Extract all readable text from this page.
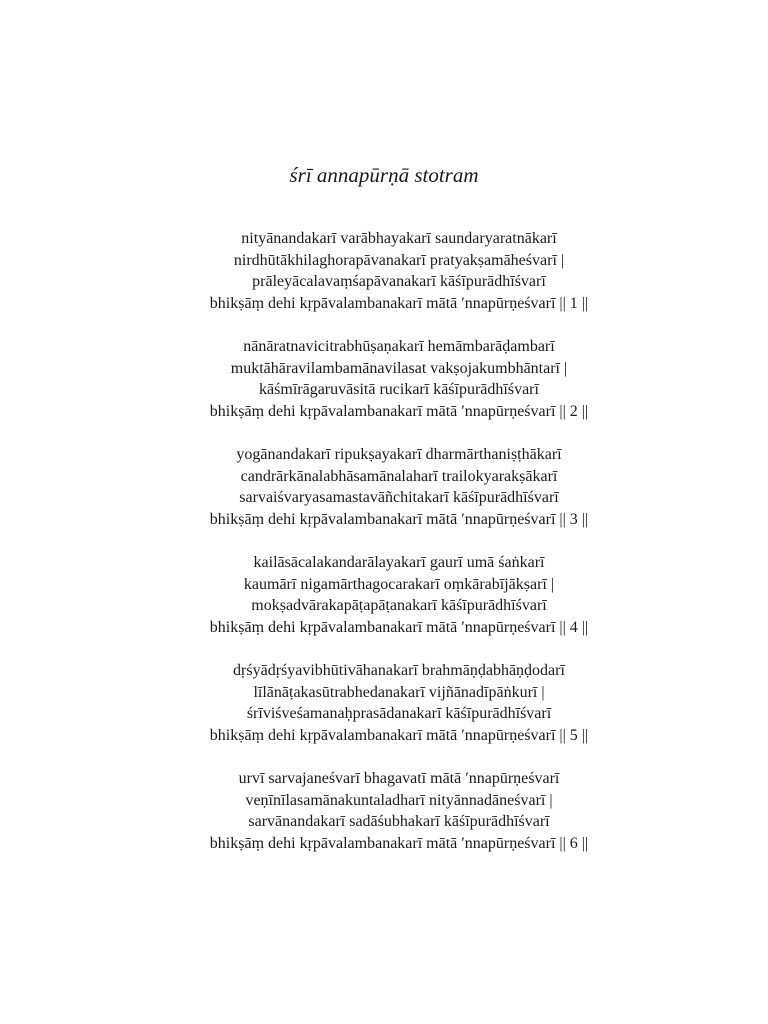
śrī annapūrṇā stotram
nityānandakarī varābhayakarī saundaryaratnākarī
nirdhūtākhilaghorapāvanakarī pratyakṣamāheśvarī |
prāleyācalavaṃśapāvanakarī kāśīpurādhīśvarī
bhikṣāṃ dehi kṛpāvalambanakarī mātā ′nnapūrṇeśvarī || 1 ||
nānāratnavicitrabhūṣaṇakarī hemāmbarāḍambarī
muktāhāravilambamānavilasat vakṣojakumbhāntarī |
kāśmīrāgaruvāsitā rucikarī kāśīpurādhīśvarī
bhikṣāṃ dehi kṛpāvalambanakarī mātā ′nnapūrṇeśvarī || 2 ||
yogānandakarī ripukṣayakarī dharmārthaniṣṭhākarī
candrārkānalabhāsamānalaharī trailokyarakṣākarī
sarvaiśvaryasamastavāñchitakarī kāśīpurādhīśvarī
bhikṣāṃ dehi kṛpāvalambanakarī mātā ′nnapūrṇeśvarī || 3 ||
kailāsācalakandarālayakarī gaurī umā śaṅkarī
kaumārī nigamārthagocarakarī oṃkārabījākṣarī |
mokṣadvārakapāṭapāṭanakarī kāśīpurādhīśvarī
bhikṣāṃ dehi kṛpāvalambanakarī mātā ′nnapūrṇeśvarī || 4 ||
dṛśyādṛśyavibhūtivāhanakarī brahmāṇḍabhāṇḍodarī
līlānāṭakasūtrabhedanakarī vijñānadīpāṅkurī |
śrīviśveśamanaḥprasādanakarī kāśīpurādhīśvarī
bhikṣāṃ dehi kṛpāvalambanakarī mātā ′nnapūrṇeśvarī || 5 ||
urvī sarvajaneśvarī bhagavatī mātā ′nnapūrṇeśvarī
veṇīnīlasamānakuntaladharī nityānnadāneśvarī |
sarvānandakarī sadāśubhakarī kāśīpurādhīśvarī
bhikṣāṃ dehi kṛpāvalambanakarī mātā ′nnapūrṇeśvarī || 6 ||
